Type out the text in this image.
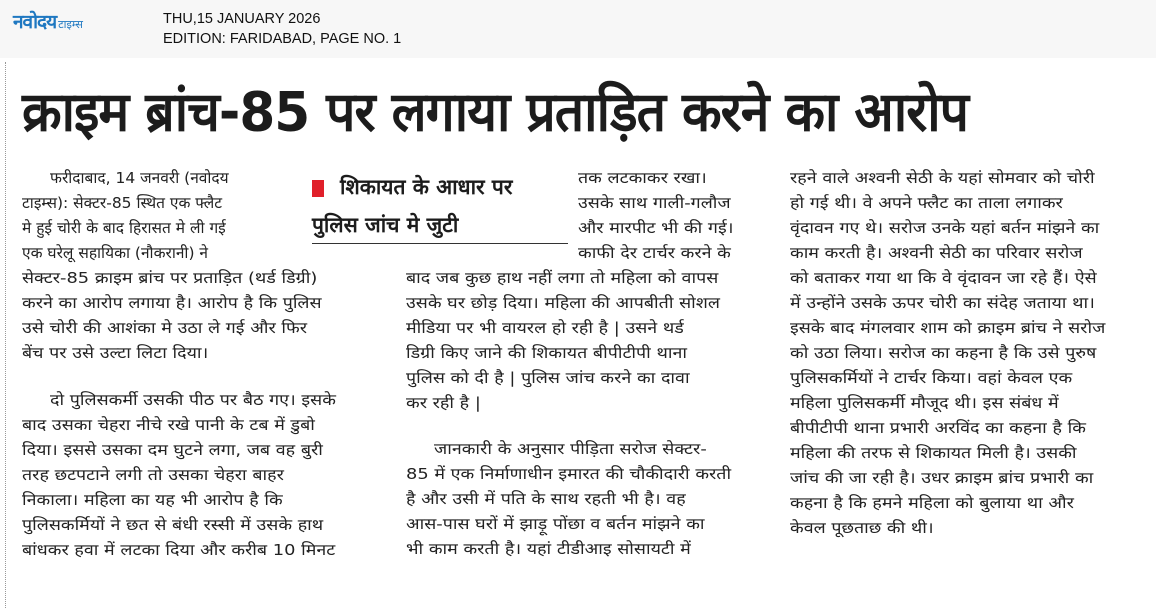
नवोदय टाइम्स	THU,15 JANUARY 2026
EDITION: FARIDABAD, PAGE NO. 1
क्राइम ब्रांच-85 पर लगाया प्रताड़ित करने का आरोप
शिकायत के आधार पर
पुलिस जांच मे जुटी
फरीदाबाद, 14 जनवरी (नवोदय
टाइम्स): सेक्टर-85 स्थित एक फ्लैट
मे हुई चोरी के बाद हिरासत मे ली गई
एक घरेलू सहायिका (नौकरानी) ने
सेक्टर-85 क्राइम ब्रांच पर प्रताड़ित (थर्ड डिग्री)
करने का आरोप लगाया है। आरोप है कि पुलिस
उसे चोरी की आशंका मे उठा ले गई और फिर
बेंच पर उसे उल्टा लिटा दिया।
दो पुलिसकर्मी उसकी पीठ पर बैठ गए। इसके
बाद उसका चेहरा नीचे रखे पानी के टब में डुबो
दिया। इससे उसका दम घुटने लगा, जब वह बुरी
तरह छटपटाने लगी तो उसका चेहरा बाहर
निकाला। महिला का यह भी आरोप है कि
पुलिसकर्मियों ने छत से बंधी रस्सी में उसके हाथ
बांधकर हवा में लटका दिया और करीब 10 मिनट
तक लटकाकर रखा।
उसके साथ गाली-गलौज
और मारपीट भी की गई।
काफी देर टार्चर करने के
बाद जब कुछ हाथ नहीं लगा तो महिला को वापस
उसके घर छोड़ दिया। महिला की आपबीती सोशल
मीडिया पर भी वायरल हो रही है | उसने थर्ड
डिग्री किए जाने की शिकायत बीपीटीपी थाना
पुलिस को दी है | पुलिस जांच करने का दावा
कर रही है |
जानकारी के अनुसार पीड़िता सरोज सेक्टर-
85 में एक निर्माणाधीन इमारत की चौकीदारी करती
है और उसी में पति के साथ रहती भी है। वह
आस-पास घरों में झाड़ू पोंछा व बर्तन मांझने का
भी काम करती है। यहां टीडीआइ सोसायटी में
रहने वाले अश्वनी सेठी के यहां सोमवार को चोरी
हो गई थी। वे अपने फ्लैट का ताला लगाकर
वृंदावन गए थे। सरोज उनके यहां बर्तन मांझने का
काम करती है। अश्वनी सेठी का परिवार सरोज
को बताकर गया था कि वे वृंदावन जा रहे हैं। ऐसे
में उन्होंने उसके ऊपर चोरी का संदेह जताया था।
इसके बाद मंगलवार शाम को क्राइम ब्रांच ने सरोज
को उठा लिया। सरोज का कहना है कि उसे पुरुष
पुलिसकर्मियों ने टार्चर किया। वहां केवल एक
महिला पुलिसकर्मी मौजूद थी। इस संबंध में
बीपीटीपी थाना प्रभारी अरविंद का कहना है कि
महिला की तरफ से शिकायत मिली है। उसकी
जांच की जा रही है। उधर क्राइम ब्रांच प्रभारी का
कहना है कि हमने महिला को बुलाया था और
केवल पूछताछ की थी।
